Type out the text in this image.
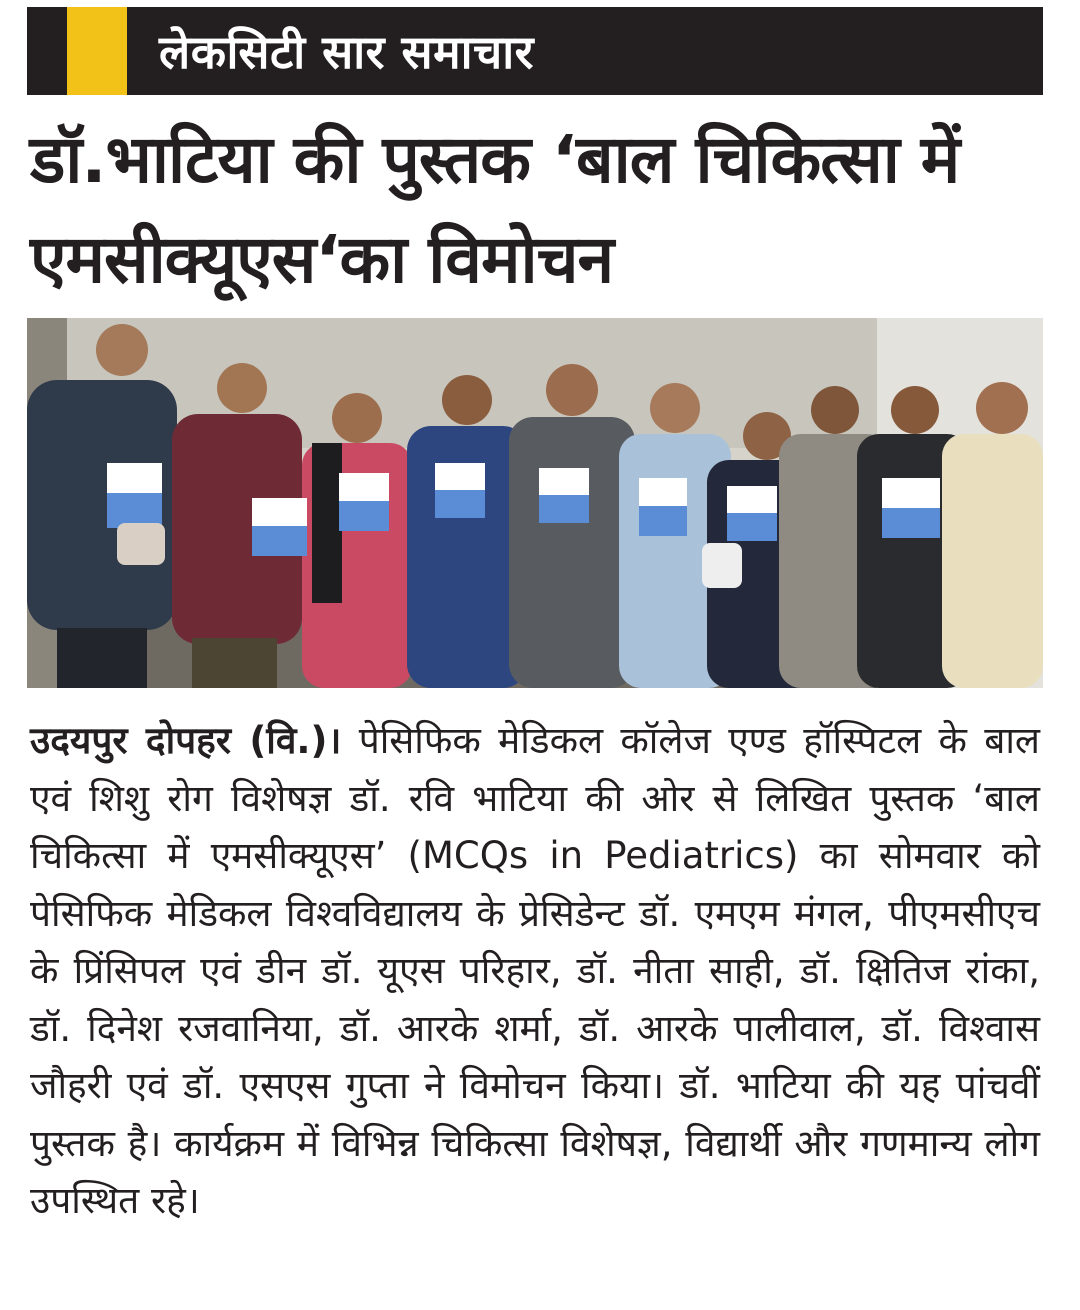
लेकसिटी सार समाचार
डॉ.भाटिया की पुस्तक ‘बाल चिकित्सा में एमसीक्यूएस‘का विमोचन
उदयपुर दोपहर (वि.)। पेसिफिक मेडिकल कॉलेज एण्ड हॉस्पिटल के बाल एवं शिशु रोग विशेषज्ञ डॉ. रवि भाटिया की ओर से लिखित पुस्तक ‘बाल चिकित्सा में एमसीक्यूएस’ (MCQs in Pediatrics) का सोमवार को पेसिफिक मेडिकल विश्वविद्यालय के प्रेसिडेन्ट डॉ. एमएम मंगल, पीएमसीएच के प्रिंसिपल एवं डीन डॉ. यूएस परिहार, डॉ. नीता साही, डॉ. क्षितिज रांका, डॉ. दिनेश रजवानिया, डॉ. आरके शर्मा, डॉ. आरके पालीवाल, डॉ. विश्वास जौहरी एवं डॉ. एसएस गुप्ता ने विमोचन किया। डॉ. भाटिया की यह पांचवीं पुस्तक है। कार्यक्रम में विभिन्न चिकित्सा विशेषज्ञ, विद्यार्थी और गणमान्य लोग उपस्थित रहे।
